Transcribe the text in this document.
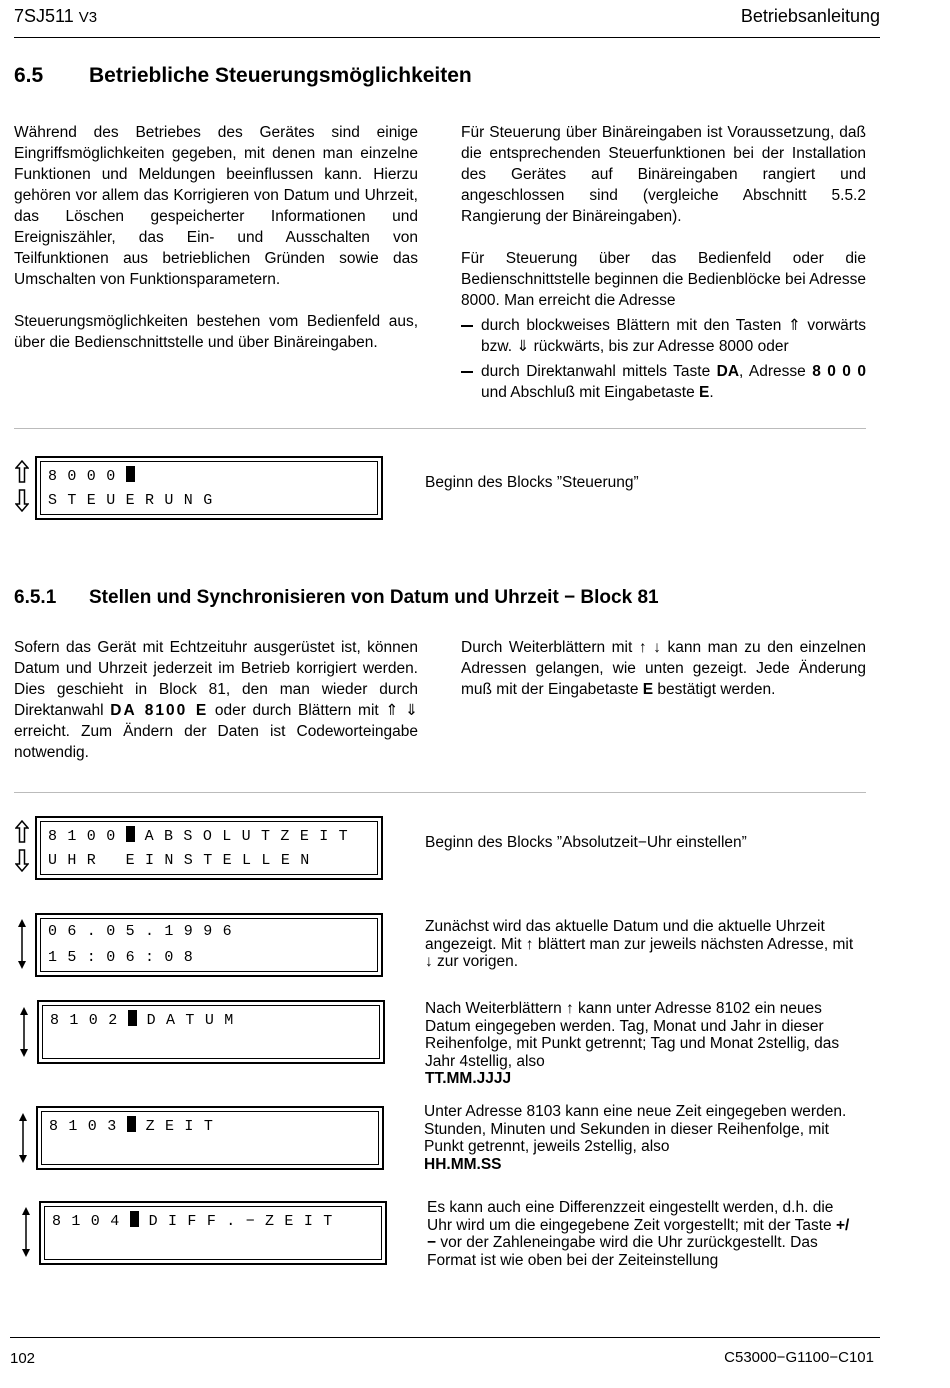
7SJ511 V3	Betriebsanleitung
6.5 Betriebliche Steuerungsmöglichkeiten

Während des Betriebes des Gerätes sind einige Eingriffsmöglichkeiten gegeben, mit denen man einzelne Funktionen und Meldungen beeinflussen kann. Hierzu gehören vor allem das Korrigieren von Datum und Uhrzeit, das Löschen gespeicherter Informationen und Ereigniszähler, das Ein- und Ausschalten von Teilfunktionen aus betrieblichen Gründen sowie das Umschalten von Funktionsparametern.

Steuerungsmöglichkeiten bestehen vom Bedienfeld aus, über die Bedienschnittstelle und über Binäreingaben.

Für Steuerung über Binäreingaben ist Voraussetzung, daß die entsprechenden Steuerfunktionen bei der Installation des Gerätes auf Binäreingaben rangiert und angeschlossen sind (vergleiche Abschnitt 5.5.2 Rangierung der Binäreingaben).

Für Steuerung über das Bedienfeld oder die Bedienschnittstelle beginnen die Bedienblöcke bei Adresse 8000. Man erreicht die Adresse

durch blockweises Blättern mit den Tasten ⇑ vorwärts bzw. ⇓ rückwärts, bis zur Adresse 8000 oder
durch Direktanwahl mittels Taste DA, Adresse 8 0 0 0 und Abschluß mit Eingabetaste E.
8000
STEUERUNG
Beginn des Blocks ”Steuerung”
6.5.1 Stellen und Synchronisieren von Datum und Uhrzeit − Block 81

Sofern das Gerät mit Echtzeituhr ausgerüstet ist, können Datum und Uhrzeit jederzeit im Betrieb korrigiert werden. Dies geschieht in Block 81, den man wieder durch Direktanwahl DA 8100 E oder durch Blättern mit ⇑ ⇓ erreicht. Zum Ändern der Daten ist Codeworteingabe notwendig.

Durch Weiterblättern mit ↑ ↓ kann man zu den einzelnen Adressen gelangen, wie unten gezeigt. Jede Änderung muß mit der Eingabetaste E bestätigt werden.

8100 ABSOLUTZEIT
UHR EINSTELLEN
Beginn des Blocks ”Absolutzeit−Uhr einstellen”
06.05.1996
15:06:08
Zunächst wird das aktuelle Datum und die aktuelle Uhrzeit angezeigt. Mit ↑ blättert man zur jeweils nächsten Adresse, mit ↓ zur vorigen.
8102 DATUM
Nach Weiterblättern ↑ kann unter Adresse 8102 ein neues Datum eingegeben werden. Tag, Monat und Jahr in dieser Reihenfolge, mit Punkt getrennt; Tag und Monat 2stellig, das Jahr 4stellig, also
TT.MM.JJJJ
8103 ZEIT
Unter Adresse 8103 kann eine neue Zeit eingegeben werden. Stunden, Minuten und Sekunden in dieser Reihenfolge, mit Punkt getrennt, jeweils 2stellig, also
HH.MM.SS
8104 DIFF.−ZEIT
Es kann auch eine Differenzzeit eingestellt werden, d.h. die Uhr wird um die eingegebene Zeit vorgestellt; mit der Taste +/− vor der Zahleneingabe wird die Uhr zurückgestellt. Das Format ist wie oben bei der Zeiteinstellung
102	C53000−G1100−C101
